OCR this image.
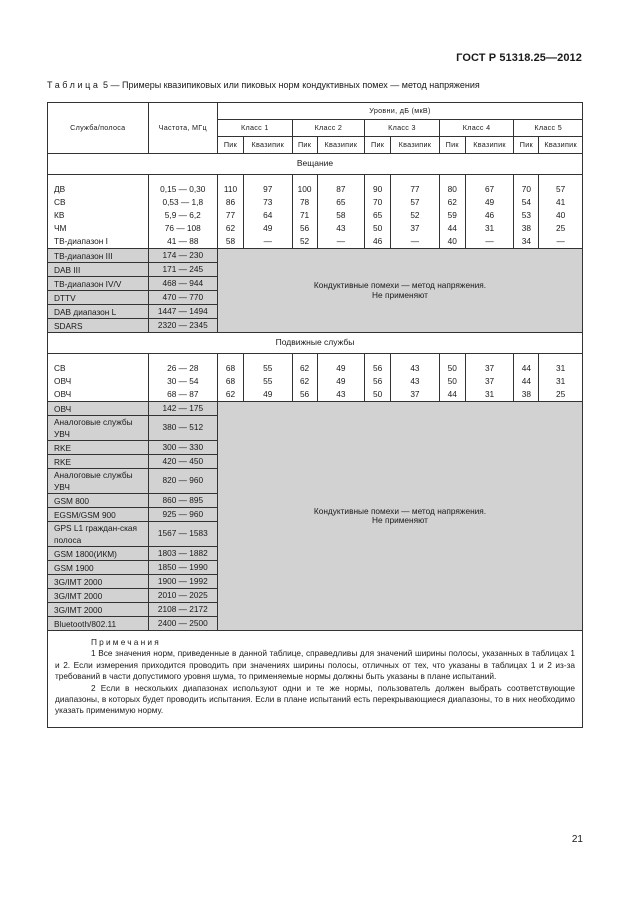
ГОСТ Р 51318.25—2012
Таблица 5 — Примеры квазипиковых или пиковых норм кондуктивных помех — метод напряжения
Служба/полоса	Частота, МГц	Уровни, дБ (мкВ)									
		Класс 1		Класс 2		Класс 3		Класс 4		Класс 5	
		Пик	Квазипик	Пик	Квазипик	Пик	Квазипик	Пик	Квазипик	Пик	Квазипик
Вещание											

ДВ	0,15 — 0,30	110	97	100	87	90	77	80	67	70	57
СВ	0,53 — 1,8	86	73	78	65	70	57	62	49	54	41
КВ	5,9 — 6,2	77	64	71	58	65	52	59	46	53	40
ЧМ	76 — 108	62	49	56	43	50	37	44	31	38	25
ТВ-диапазон I	41 — 88	58	—	52	—	46	—	40	—	34	—
ТВ-диапазон III	174 — 230	Кондуктивные помехи — метод напряжения.
Не применяют									
DAB III	171 — 245										
ТВ-диапазон IV/V	468 — 944										
DTTV	470 — 770										
DAB диапазон L	1447 — 1494										
SDARS	2320 — 2345										
Подвижные службы											

СВ	26 — 28	68	55	62	49	56	43	50	37	44	31
ОВЧ	30 — 54	68	55	62	49	56	43	50	37	44	31
ОВЧ	68 — 87	62	49	56	43	50	37	44	31	38	25
ОВЧ	142 — 175	Кондуктивные помехи — метод напряжения.
Не применяют									
Аналоговые службы УВЧ	380 — 512										
RKE	300 — 330										
RKE	420 — 450										
Аналоговые службы УВЧ	820 — 960										
GSM 800	860 — 895										
EGSM/GSM 900	925 — 960										
GPS L1 граждан-ская полоса	1567 — 1583										
GSM 1800(ИКМ)	1803 — 1882										
GSM 1900	1850 — 1990										
3G/IMT 2000	1900 — 1992										
3G/IMT 2000	2010 — 2025										
3G/IMT 2000	2108 — 2172										
Bluetooth/802.11	2400 — 2500										

Примечания
1 Все значения норм, приведенные в данной таблице, справедливы для значений ширины полосы, указанных в таблицах 1 и 2. Если измерения приходится проводить при значениях ширины полосы, отличных от тех, что указаны в таблицах 1 и 2 из-за требований в части допустимого уровня шума, то применяемые нормы должны быть указаны в плане испытаний.
2 Если в нескольких диапазонах используют одни и те же нормы, пользователь должен выбрать соответствующие диапазоны, в которых будет проводить испытания. Если в плане испытаний есть перекрывающиеся диапазоны, то в них необходимо указать применимую норму.											
21
